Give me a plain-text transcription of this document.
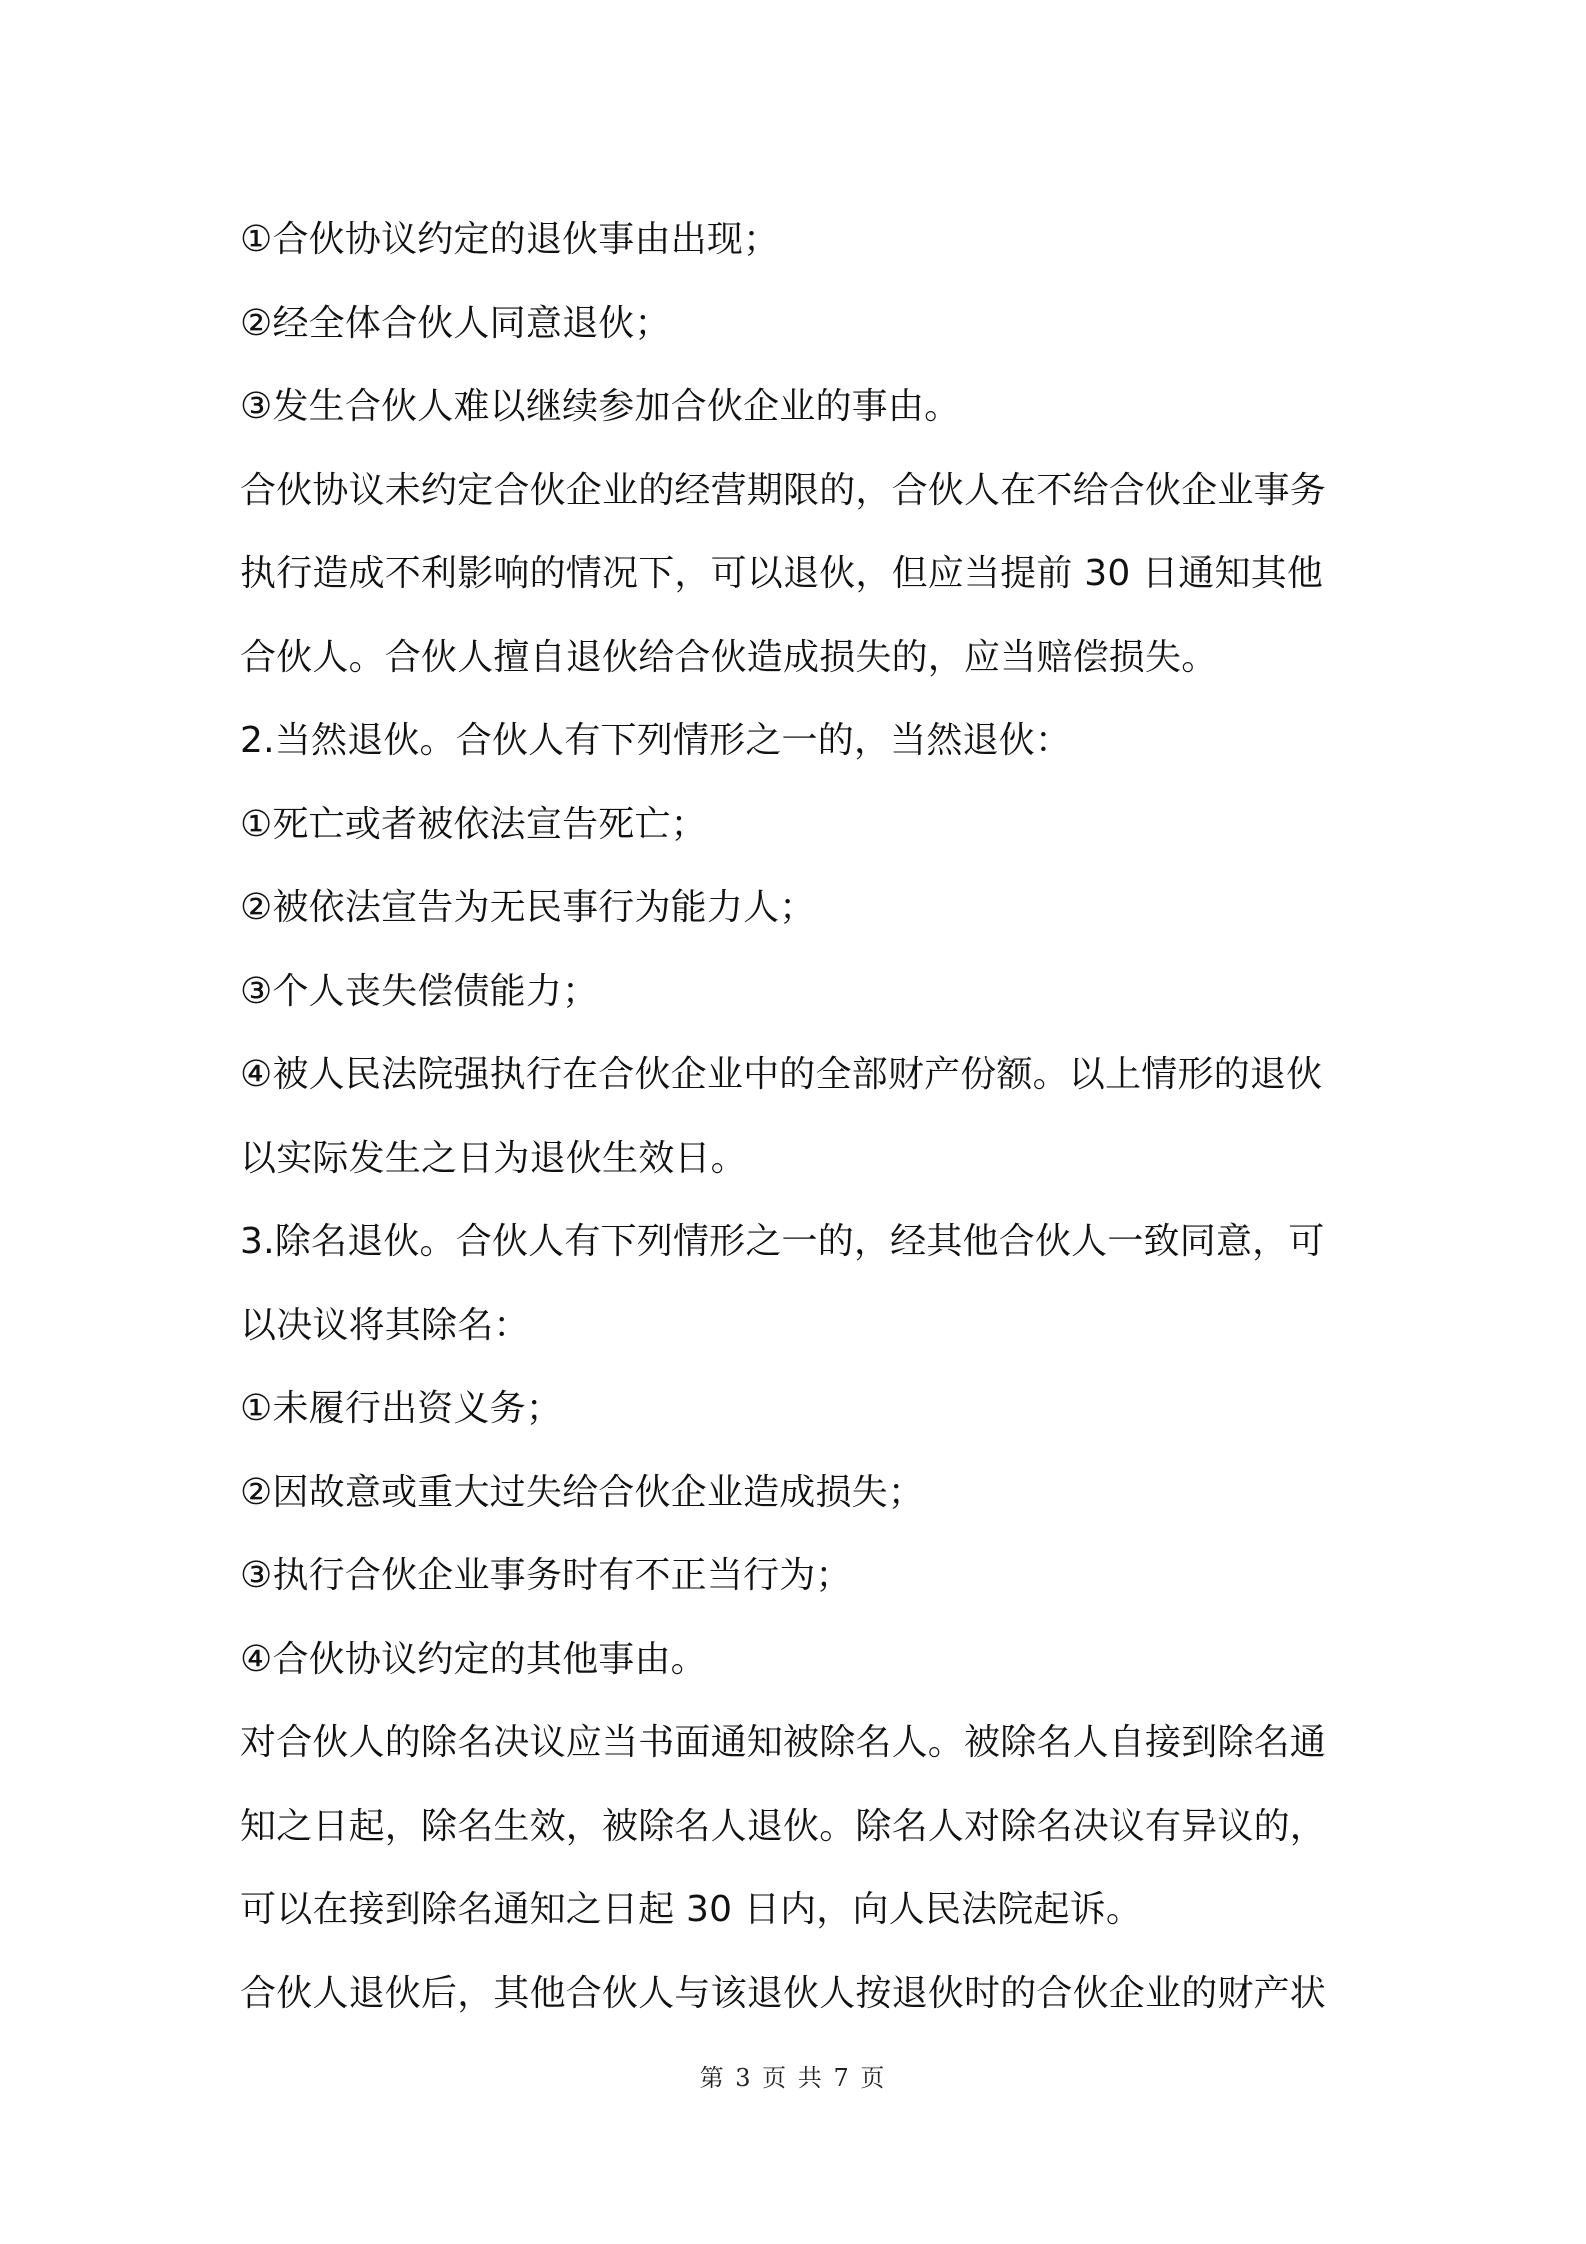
①合伙协议约定的退伙事由出现；
②经全体合伙人同意退伙；
③发生合伙人难以继续参加合伙企业的事由。
合伙协议未约定合伙企业的经营期限的，合伙人在不给合伙企业事务
执行造成不利影响的情况下，可以退伙，但应当提前 30 日通知其他
合伙人。合伙人擅自退伙给合伙造成损失的，应当赔偿损失。
2.当然退伙。合伙人有下列情形之一的，当然退伙：
①死亡或者被依法宣告死亡；
②被依法宣告为无民事行为能力人；
③个人丧失偿债能力；
④被人民法院强执行在合伙企业中的全部财产份额。以上情形的退伙
以实际发生之日为退伙生效日。
3.除名退伙。合伙人有下列情形之一的，经其他合伙人一致同意，可
以决议将其除名：
①未履行出资义务；
②因故意或重大过失给合伙企业造成损失；
③执行合伙企业事务时有不正当行为；
④合伙协议约定的其他事由。
对合伙人的除名决议应当书面通知被除名人。被除名人自接到除名通
知之日起，除名生效，被除名人退伙。除名人对除名决议有异议的，
可以在接到除名通知之日起 30 日内，向人民法院起诉。
合伙人退伙后，其他合伙人与该退伙人按退伙时的合伙企业的财产状
第 3 页 共 7 页
